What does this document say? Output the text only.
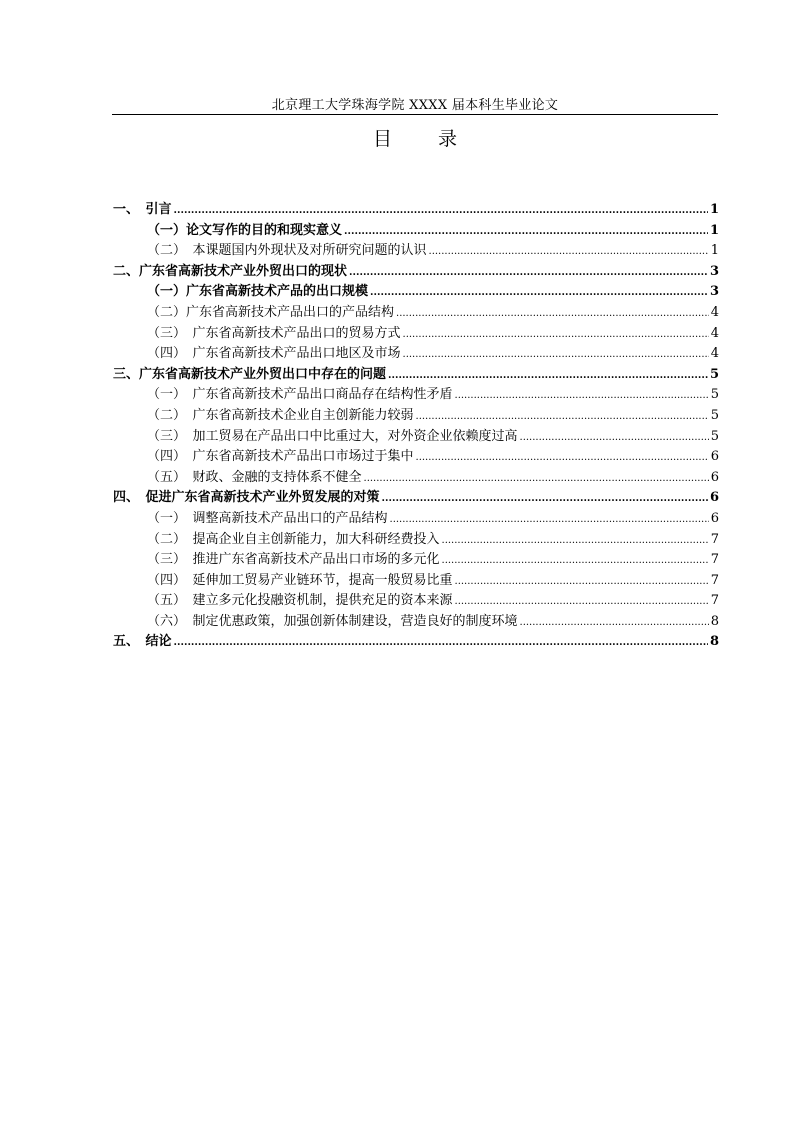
北京理工大学珠海学院 XXXX 届本科生毕业论文
目 录
一、　引言 .....	1
（一）论文写作的目的和现实意义 .....	1
（二）　本课题国内外现状及对所研究问题的认识 .....	1
二、广东省高新技术产业外贸出口的现状 .....	3
（一）广东省高新技术产品的出口规模 .....	3
（二）广东省高新技术产品出口的产品结构 .....	4
（三）　广东省高新技术产品出口的贸易方式 .....	4
（四）　广东省高新技术产品出口地区及市场 .....	4
三、广东省高新技术产业外贸出口中存在的问题 .....	5
（一）　广东省高新技术产品出口商品存在结构性矛盾 .....	5
（二）　广东省高新技术企业自主创新能力较弱 .....	5
（三）　加工贸易在产品出口中比重过大，对外资企业依赖度过高 .....	5
（四）　广东省高新技术产品出口市场过于集中 .....	6
（五）　财政、金融的支持体系不健全 .....	6
四、　促进广东省高新技术产业外贸发展的对策 .....	6
（一）　调整高新技术产品出口的产品结构 .....	6
（二）　提高企业自主创新能力，加大科研经费投入 .....	7
（三）　推进广东省高新技术产品出口市场的多元化 .....	7
（四）　延伸加工贸易产业链环节，提高一般贸易比重 .....	7
（五）　建立多元化投融资机制，提供充足的资本来源 .....	7
（六）　制定优惠政策，加强创新体制建设，营造良好的制度环境 .....	8
五、　结论 .....	8
